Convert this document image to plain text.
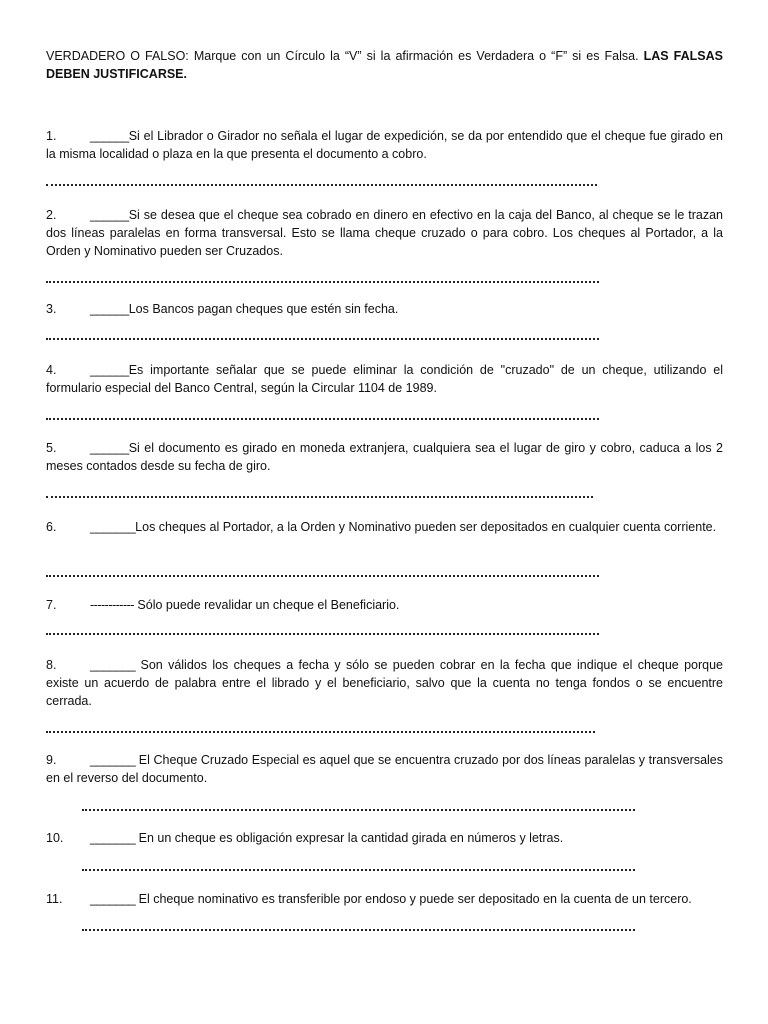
VERDADERO O FALSO: Marque con un Círculo la “V” si la afirmación es Verdadera o “F” si es Falsa. LAS FALSAS DEBEN JUSTIFICARSE.
1.	______Si el Librador o Girador no señala el lugar de expedición, se da por entendido que el cheque fue girado en la misma localidad o plaza en la que presenta el documento a cobro.
2.	______Si se desea que el cheque sea cobrado en dinero en efectivo en la caja del Banco, al cheque se le trazan dos líneas paralelas en forma transversal. Esto se llama cheque cruzado o para cobro. Los cheques al Portador, a la Orden y Nominativo pueden ser Cruzados.
3.	______Los Bancos pagan cheques que estén sin fecha.
4.	______Es importante señalar que se puede eliminar la condición de "cruzado" de un cheque, utilizando el formulario especial del Banco Central, según la Circular 1104 de 1989.
5.	______Si el documento es girado en moneda extranjera, cualquiera sea el lugar de giro y cobro, caduca a los 2 meses contados desde su fecha de giro.
6.	_______Los cheques al Portador, a la Orden y Nominativo pueden ser depositados en cualquier cuenta corriente.
7.	------------ Sólo puede revalidar un cheque el Beneficiario.
8.	_______ Son válidos los cheques a fecha y sólo se pueden cobrar en la fecha que indique el cheque porque existe un acuerdo de palabra entre el librado y el beneficiario, salvo que la cuenta no tenga fondos o se encuentre cerrada.
9.	_______ El Cheque Cruzado Especial es aquel que se encuentra cruzado por dos líneas paralelas y transversales en el reverso del documento.
10. _______ En un cheque es obligación expresar la cantidad girada en números y letras.
11. _______ El cheque nominativo es transferible por endoso y puede ser depositado en la cuenta de un tercero.
